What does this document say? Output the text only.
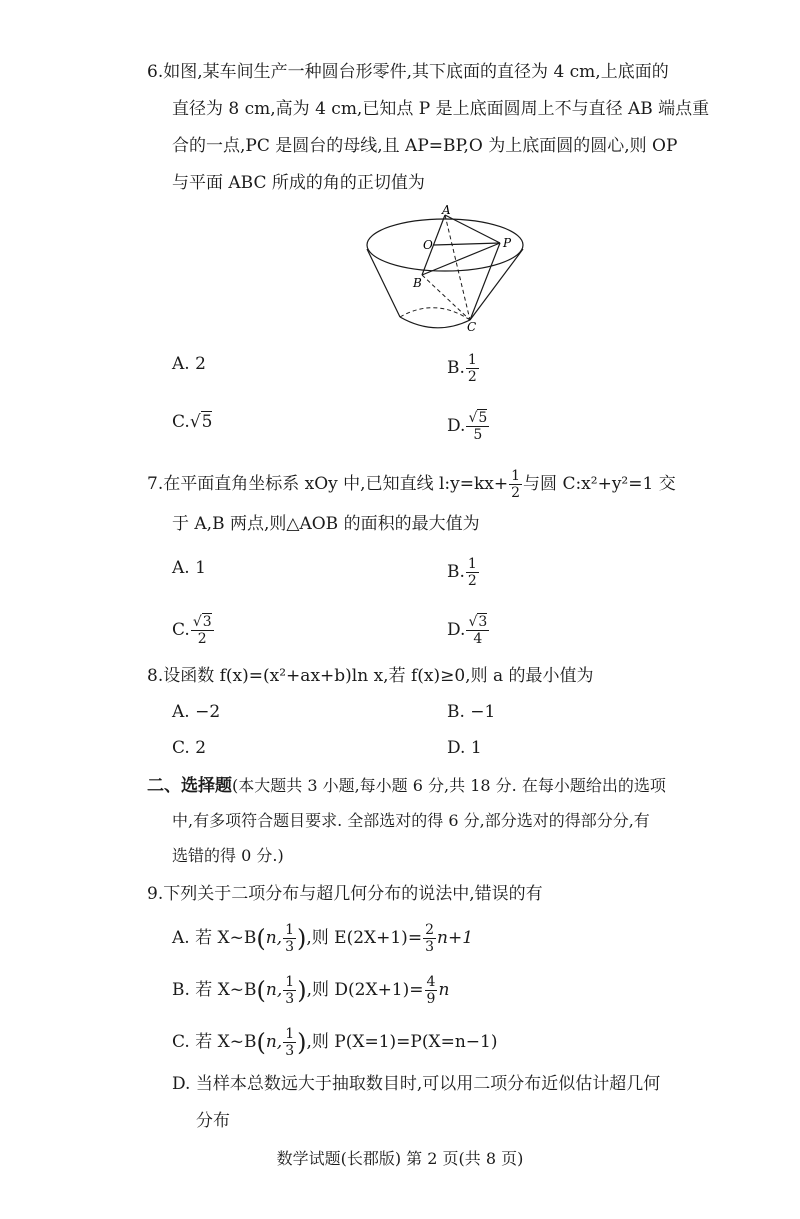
6.如图,某车间生产一种圆台形零件,其下底面的直径为 4 cm,上底面的
直径为 8 cm,高为 4 cm,已知点 P 是上底面圆周上不与直径 AB 端点重
合的一点,PC 是圆台的母线,且 AP=BP,O 为上底面圆的圆心,则 OP
与平面 ABC 所成的角的正切值为
A
O	P
B
C
A. 2	B. $\frac{1}{2}$
C.√5	D. $\frac{√5}{5}$
7.在平面直角坐标系 xOy 中,已知直线 l:y=kx+ $\frac{1}{2}$ 与圆 C:x²+y²=1 交
于 A,B 两点,则△AOB 的面积的最大值为
A. 1	B. $\frac{1}{2}$
C. $\frac{√3}{2}$	D. $\frac{√3}{4}$
8.设函数 f(x)=(x²+ax+b)ln x,若 f(x)≥0,则 a 的最小值为
A. −2	B. −1
C. 2	D. 1
二、选择题(本大题共 3 小题,每小题 6 分,共 18 分. 在每小题给出的选项
中,有多项符合题目要求. 全部选对的得 6 分,部分选对的得部分分,有
选错的得 0 分.)
9.下列关于二项分布与超几何分布的说法中,错误的有
A. 若 X~B(n, $\frac{1}{3}$ ),则 $E(2X+1)= \frac{2}{3} n+1$
B. 若 X~B(n, $\frac{1}{3}$ ),则 $D(2X+1)= \frac{4}{9}$ n
C. 若 X~B(n, $\frac{1}{3}$ ),则 P(X=1)=P(X=n−1)
D. 当样本总数远大于抽取数目时,可以用二项分布近似估计超几何
分布
数学试题(长郡版) 第 2 页(共 8 页)
